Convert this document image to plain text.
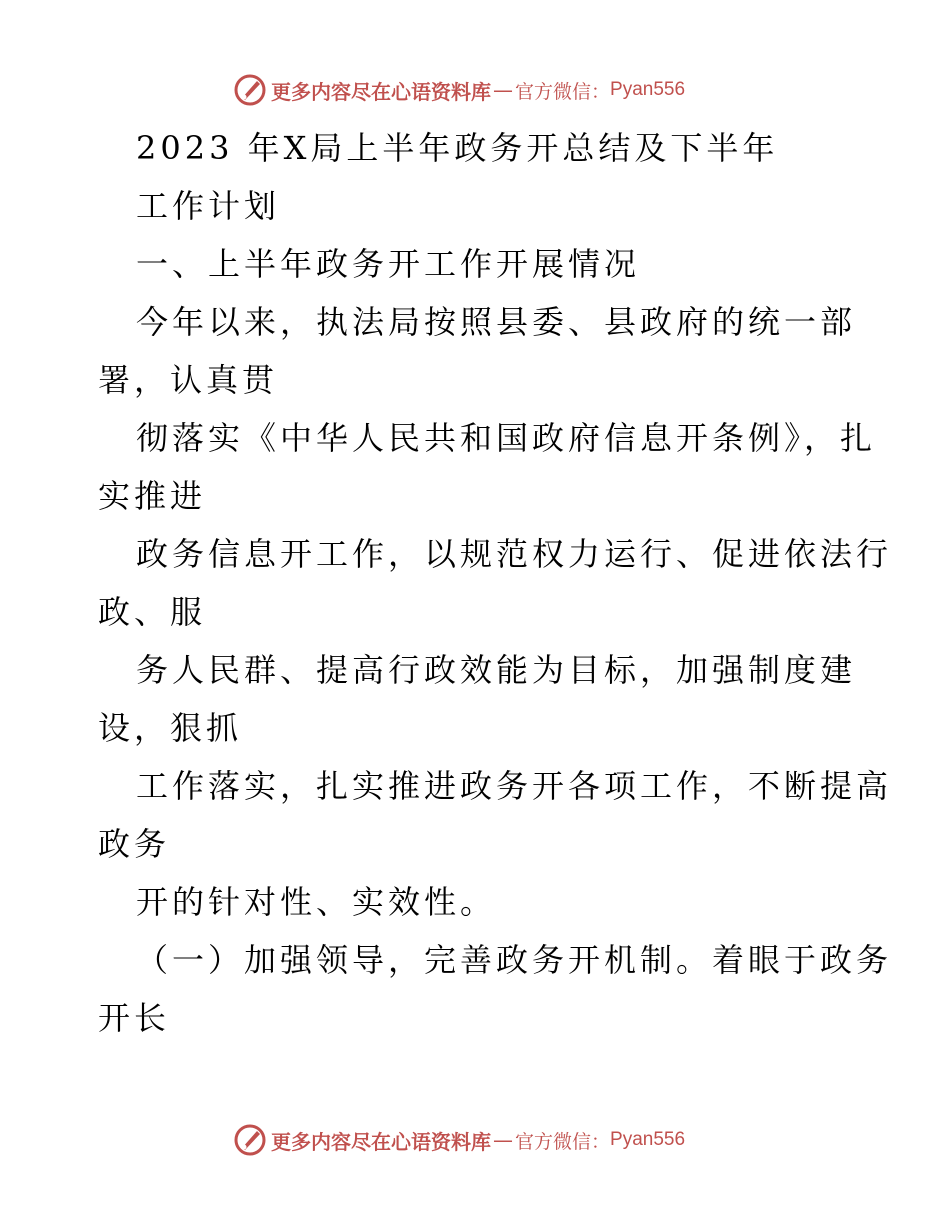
更多内容尽在心语资料库 — 官方微信： Pyan556

2023 年X局上半年政务开总结及下半年

工作计划

一、上半年政务开工作开展情况

今年以来，执法局按照县委、县政府的统一部

署，认真贯

彻落实《中华人民共和国政府信息开条例》，扎

实推进

政务信息开工作，以规范权力运行、促进依法行

政、服

务人民群、提高行政效能为目标，加强制度建

设，狠抓

工作落实，扎实推进政务开各项工作，不断提高

政务

开的针对性、实效性。

（一）加强领导，完善政务开机制。着眼于政务

开长

更多内容尽在心语资料库 — 官方微信： Pyan556
